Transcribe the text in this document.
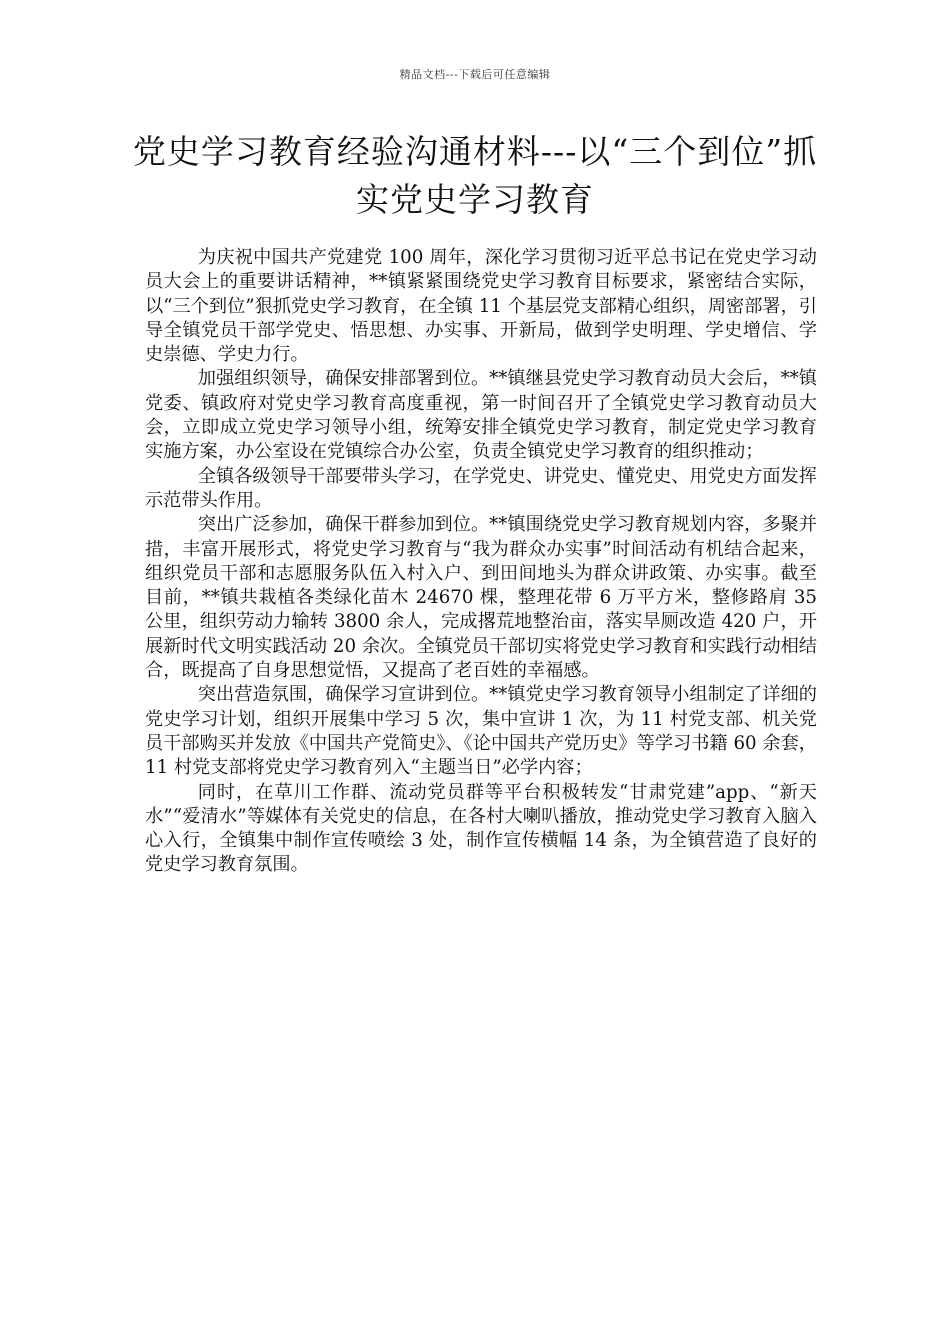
精品文档---下载后可任意编辑
党史学习教育经验沟通材料---以“三个到位”抓实党史学习教育

为庆祝中国共产党建党 100 周年，深化学习贯彻习近平总书记在党史学习动员大会上的重要讲话精神，**镇紧紧围绕党史学习教育目标要求，紧密结合实际，以“三个到位”狠抓党史学习教育，在全镇 11 个基层党支部精心组织，周密部署，引导全镇党员干部学党史、悟思想、办实事、开新局，做到学史明理、学史增信、学史崇德、学史力行。

加强组织领导，确保安排部署到位。**镇继县党史学习教育动员大会后，**镇党委、镇政府对党史学习教育高度重视，第一时间召开了全镇党史学习教育动员大会，立即成立党史学习领导小组，统筹安排全镇党史学习教育，制定党史学习教育实施方案，办公室设在党镇综合办公室，负责全镇党史学习教育的组织推动；

全镇各级领导干部要带头学习，在学党史、讲党史、懂党史、用党史方面发挥示范带头作用。

突出广泛参加，确保干群参加到位。**镇围绕党史学习教育规划内容，多聚并措，丰富开展形式，将党史学习教育与“我为群众办实事”时间活动有机结合起来，组织党员干部和志愿服务队伍入村入户、到田间地头为群众讲政策、办实事。截至目前，**镇共栽植各类绿化苗木 24670 棵，整理花带 6 万平方米，整修路肩 35 公里，组织劳动力输转 3800 余人，完成撂荒地整治亩，落实旱厕改造 420 户，开展新时代文明实践活动 20 余次。全镇党员干部切实将党史学习教育和实践行动相结合，既提高了自身思想觉悟，又提高了老百姓的幸福感。

突出营造氛围，确保学习宣讲到位。**镇党史学习教育领导小组制定了详细的党史学习计划，组织开展集中学习 5 次，集中宣讲 1 次，为 11 村党支部、机关党员干部购买并发放《中国共产党简史》、《论中国共产党历史》等学习书籍 60 余套，11 村党支部将党史学习教育列入“主题当日”必学内容；

同时，在草川工作群、流动党员群等平台积极转发“甘肃党建”app、“新天水”“爱清水”等媒体有关党史的信息，在各村大喇叭播放，推动党史学习教育入脑入心入行，全镇集中制作宣传喷绘 3 处，制作宣传横幅 14 条，为全镇营造了良好的党史学习教育氛围。
